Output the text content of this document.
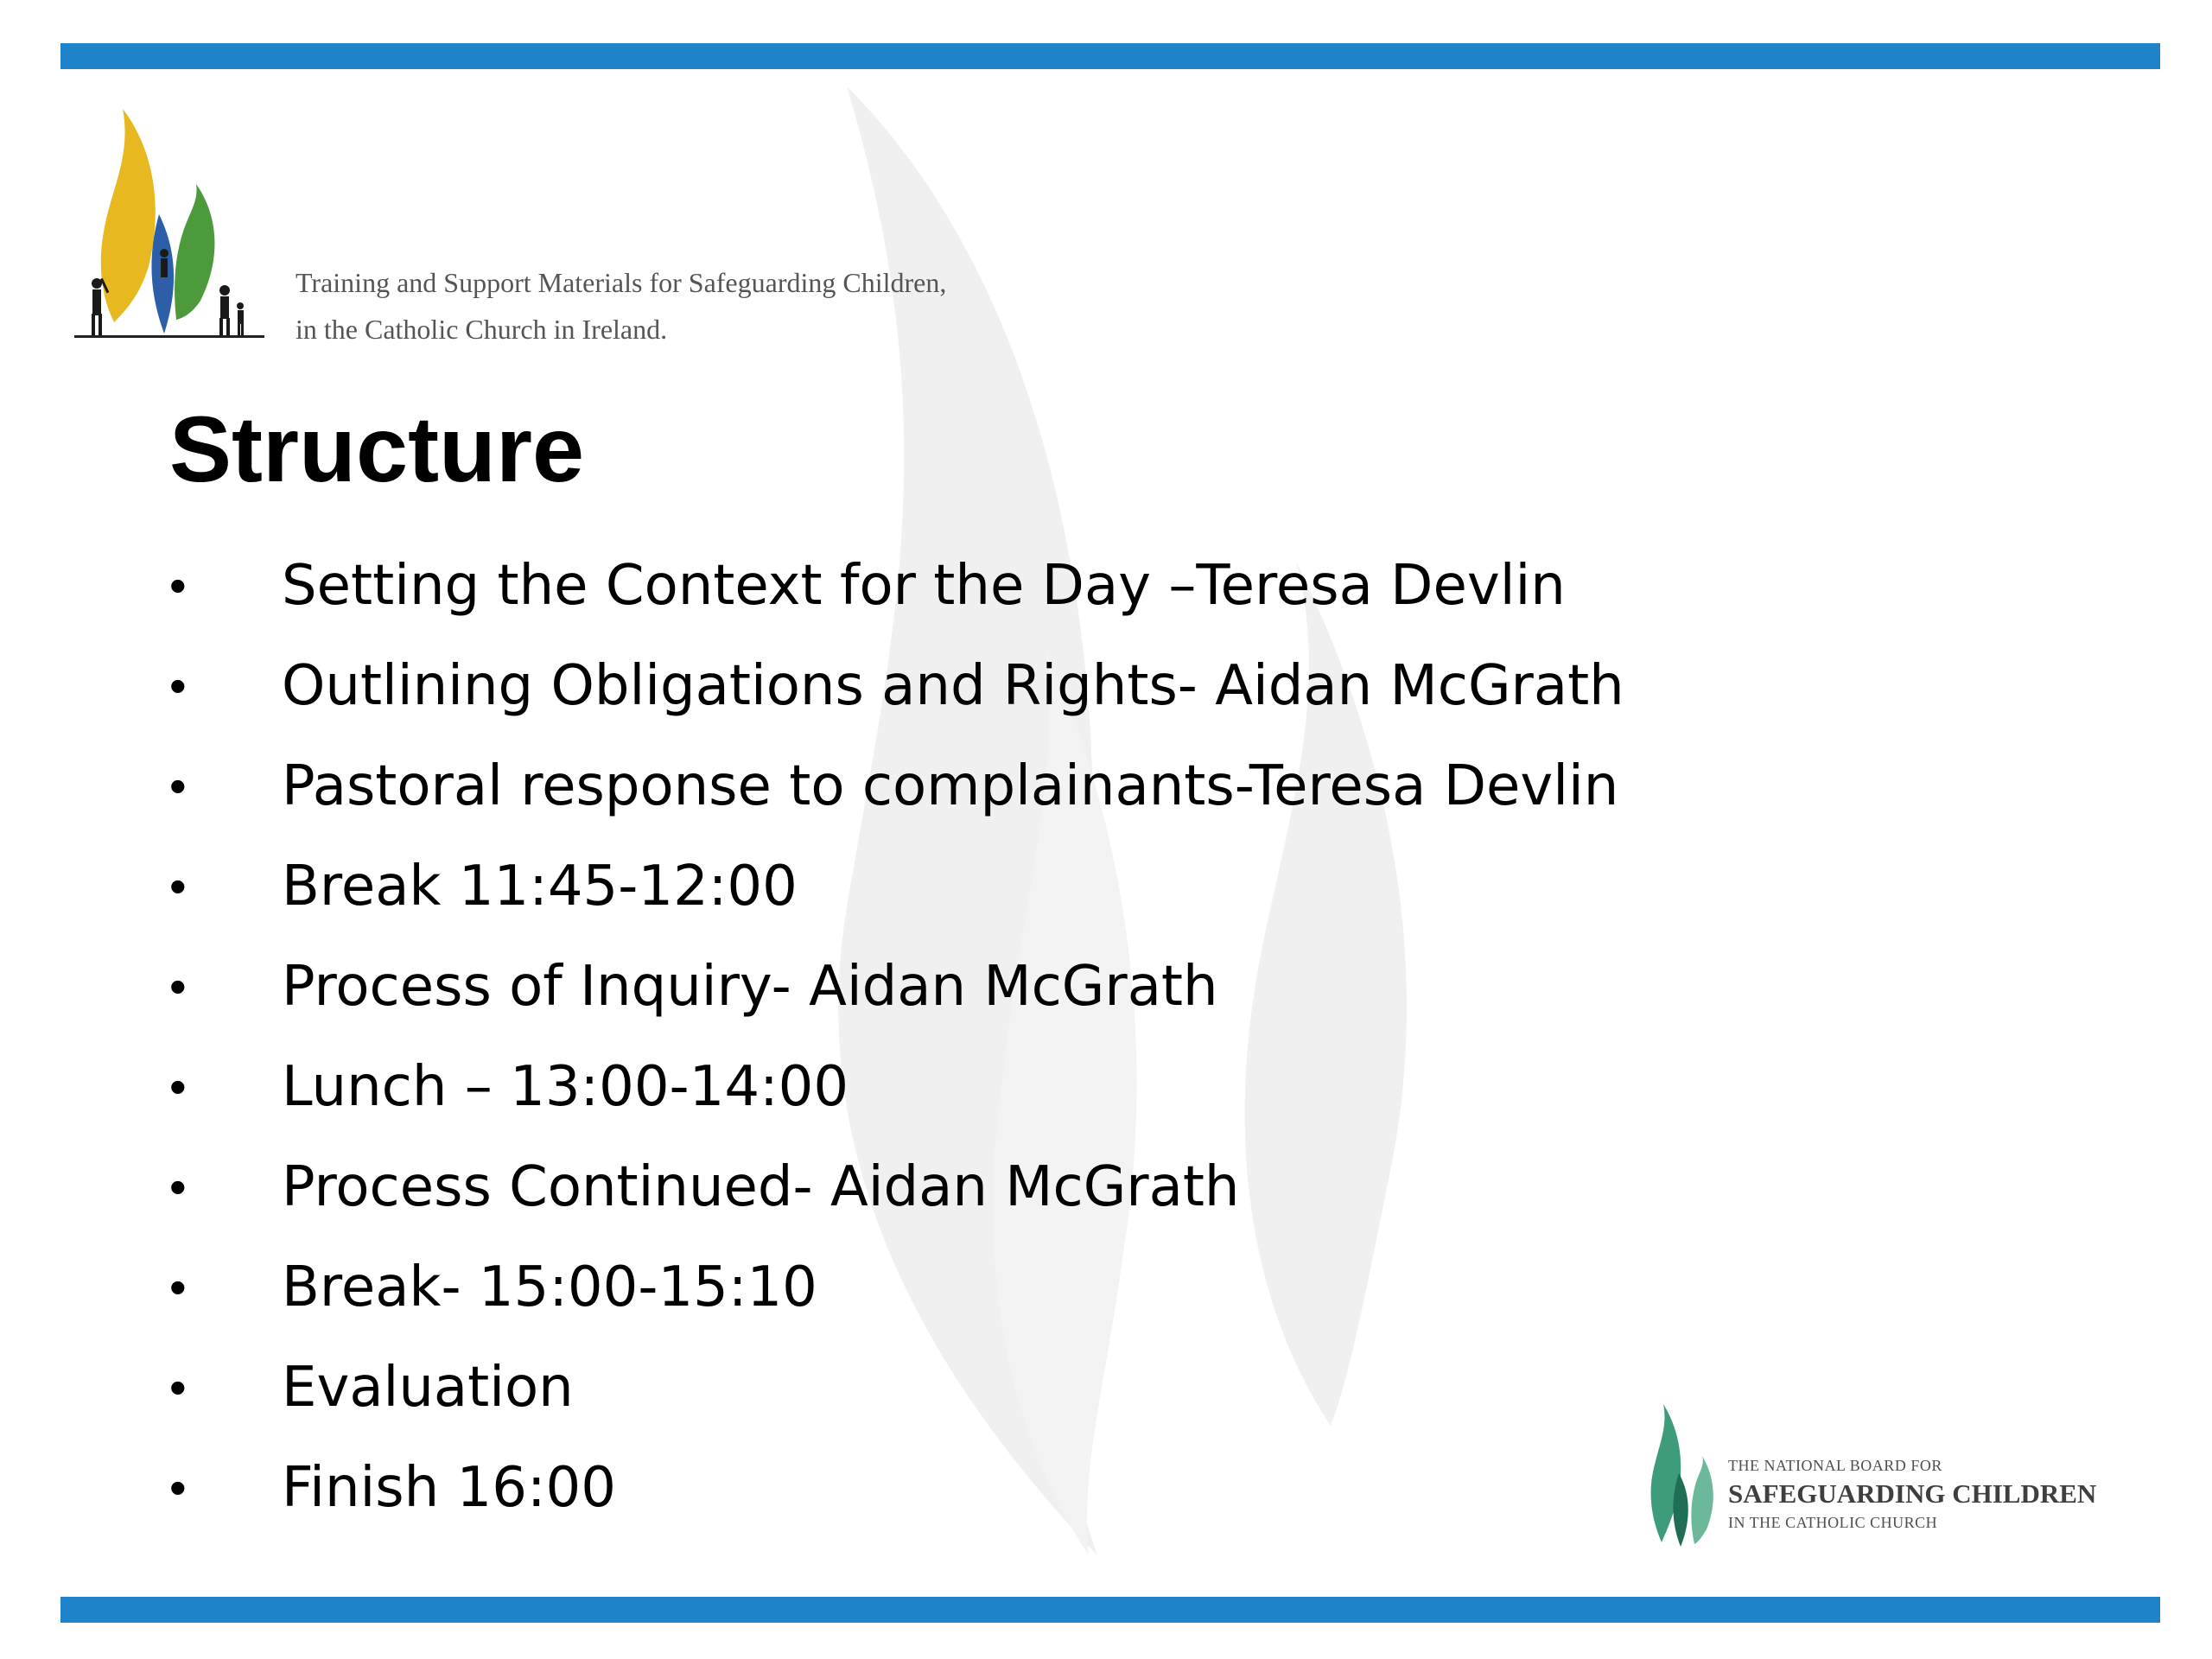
Training and Support Materials for Safeguarding Children,
in the Catholic Church in Ireland.
Structure
•	Setting the Context for the Day –Teresa Devlin
•	Outlining Obligations and Rights- Aidan McGrath
•	Pastoral response to complainants-Teresa Devlin
•	Break 11:45-12:00
•	Process of Inquiry- Aidan McGrath
•	Lunch – 13:00-14:00
•	Process Continued- Aidan McGrath
•	Break- 15:00-15:10
•	Evaluation
•	Finish 16:00	THE NATIONAL BOARD FOR
SAFEGUARDING CHILDREN
IN THE CATHOLIC CHURCH
